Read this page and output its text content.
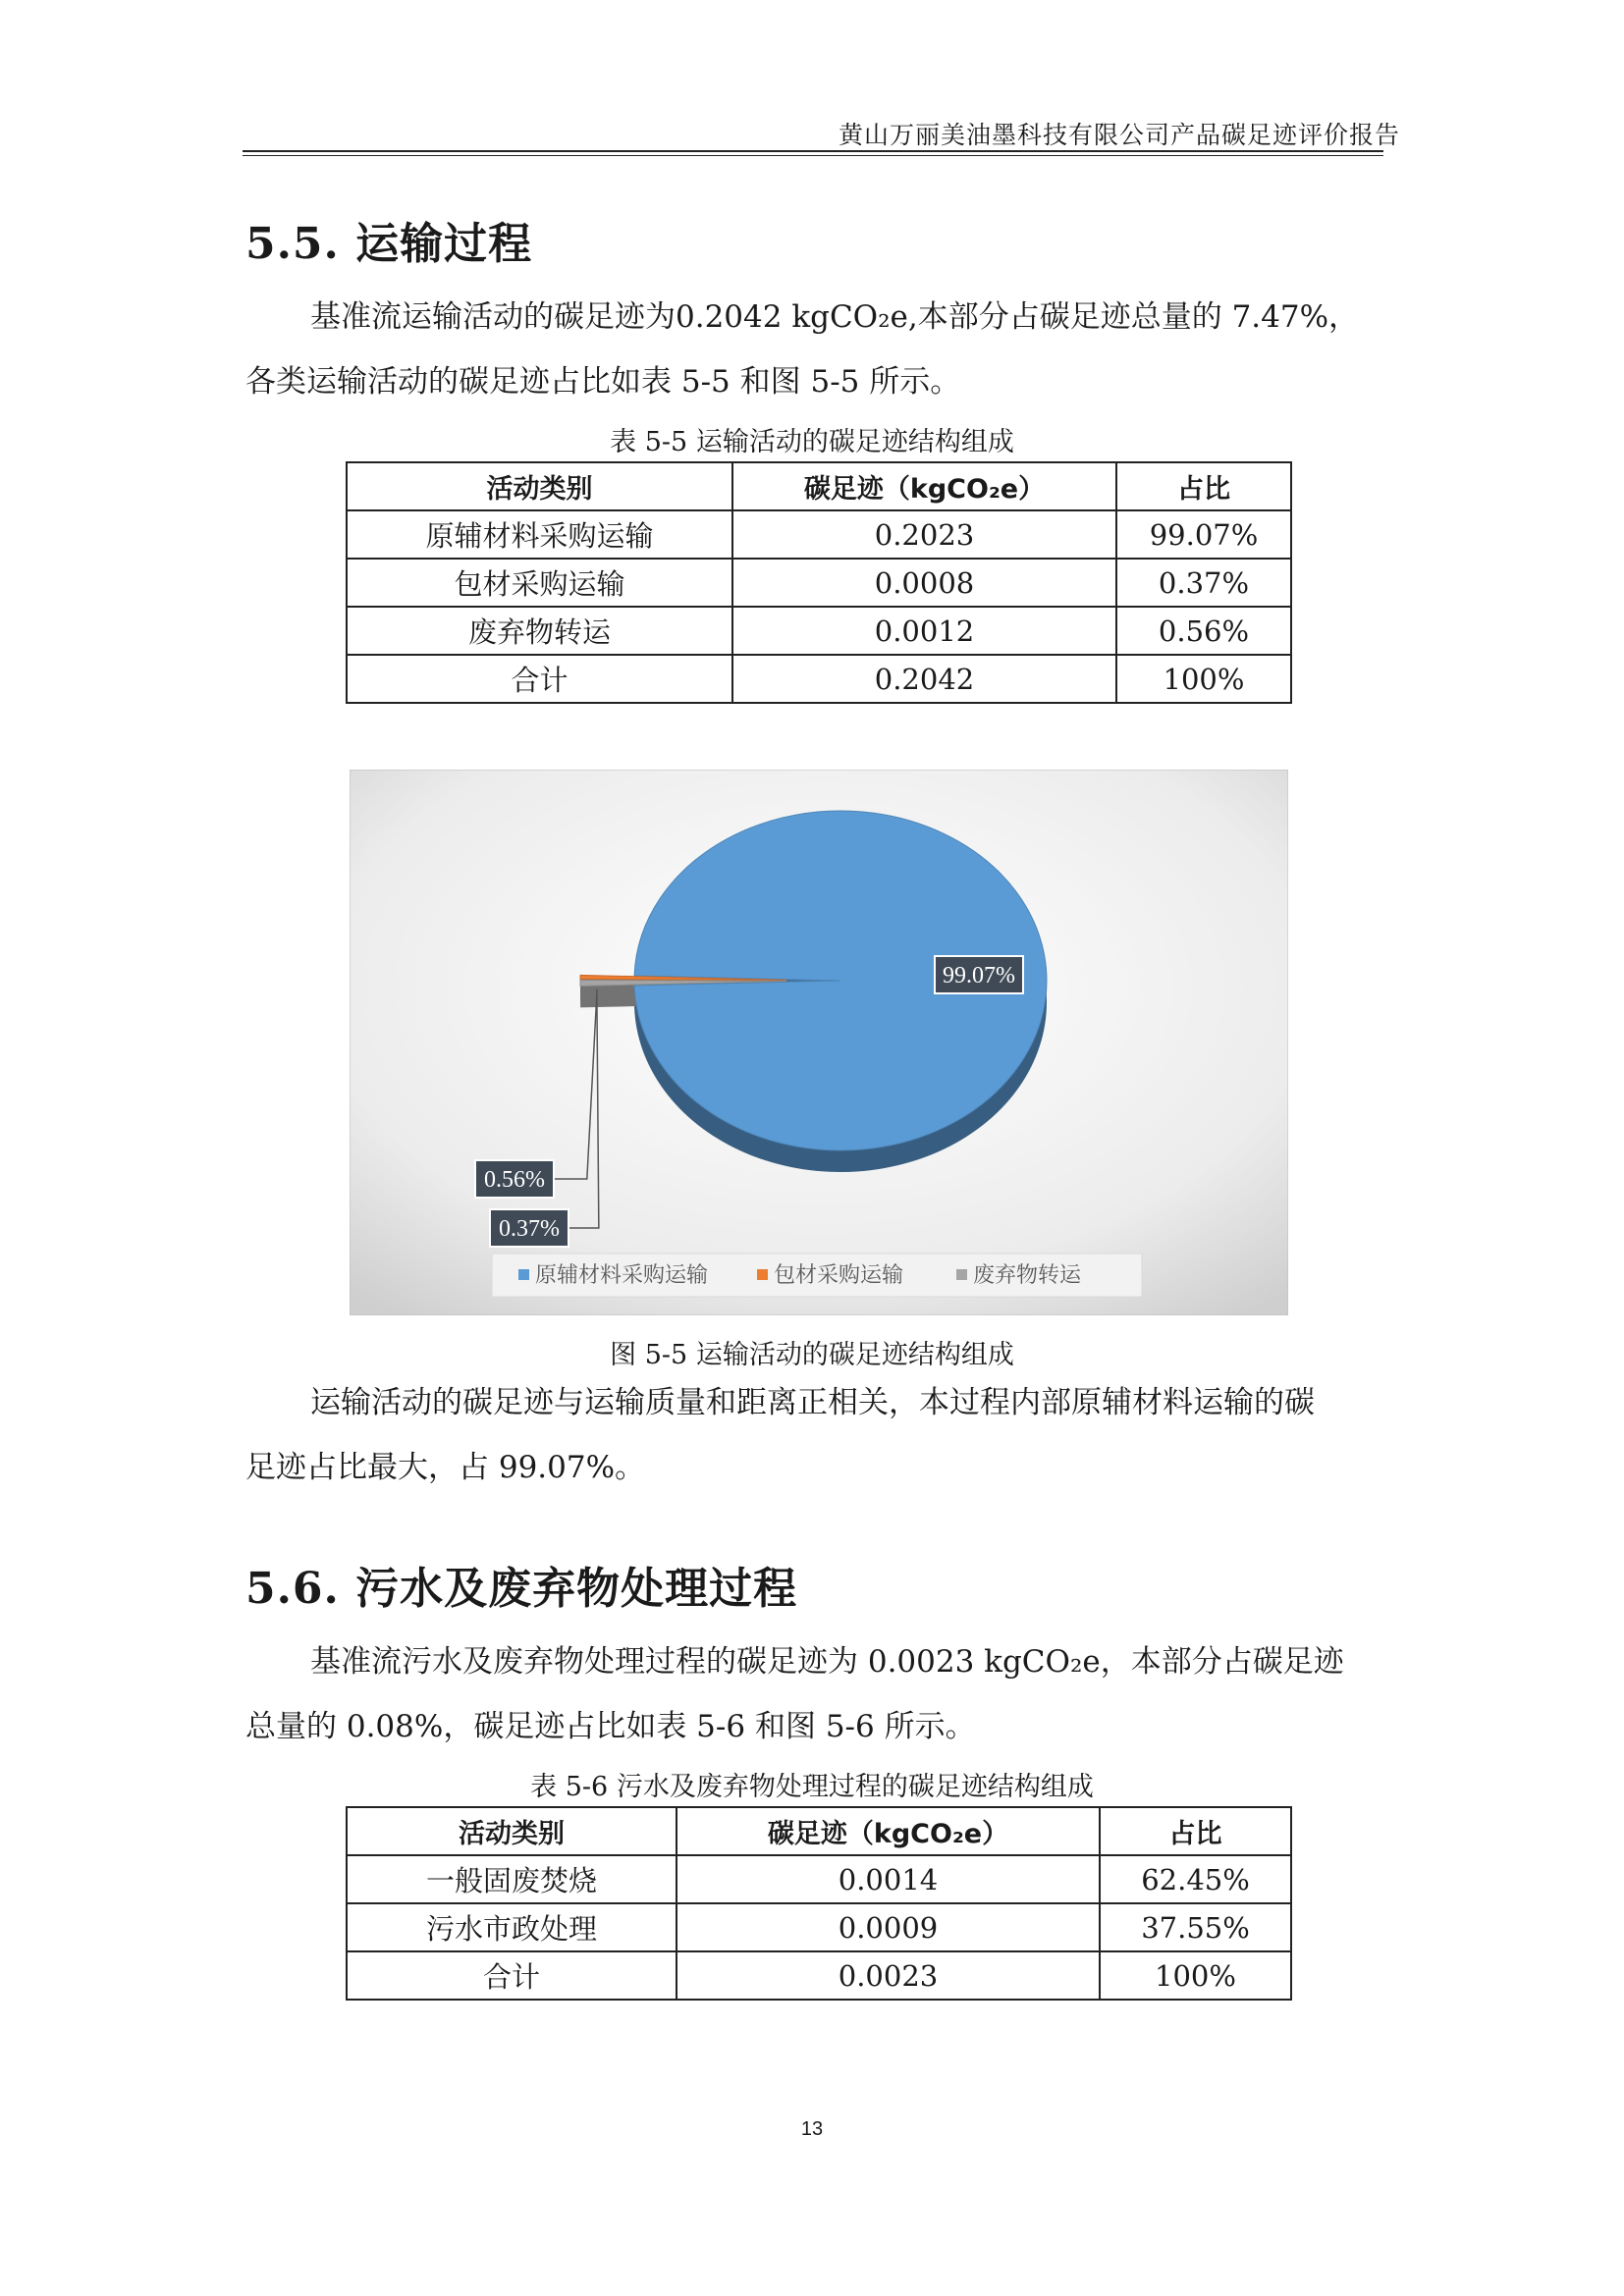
黄山万丽美油墨科技有限公司产品碳足迹评价报告
5.5. 运输过程
基准流运输活动的碳足迹为0.2042 kgCO₂e,本部分占碳足迹总量的 7.47%，
各类运输活动的碳足迹占比如表 5-5 和图 5-5 所示。
表 5-5 运输活动的碳足迹结构组成
活动类别	碳足迹（kgCO₂e）	占比
原辅材料采购运输	0.2023	99.07%
包材采购运输	0.0008	0.37%
废弃物转运	0.0012	0.56%
合计	0.2042	100%
99.07%
0.56%
0.37%
原辅材料采购运输	包材采购运输	废弃物转运
图 5-5 运输活动的碳足迹结构组成
运输活动的碳足迹与运输质量和距离正相关，本过程内部原辅材料运输的碳
足迹占比最大，占 99.07%。
5.6. 污水及废弃物处理过程
基准流污水及废弃物处理过程的碳足迹为 0.0023 kgCO₂e，本部分占碳足迹
总量的 0.08%，碳足迹占比如表 5-6 和图 5-6 所示。
表 5-6 污水及废弃物处理过程的碳足迹结构组成
活动类别	碳足迹（kgCO₂e）	占比
一般固废焚烧	0.0014	62.45%
污水市政处理	0.0009	37.55%
合计	0.0023	100%
13
